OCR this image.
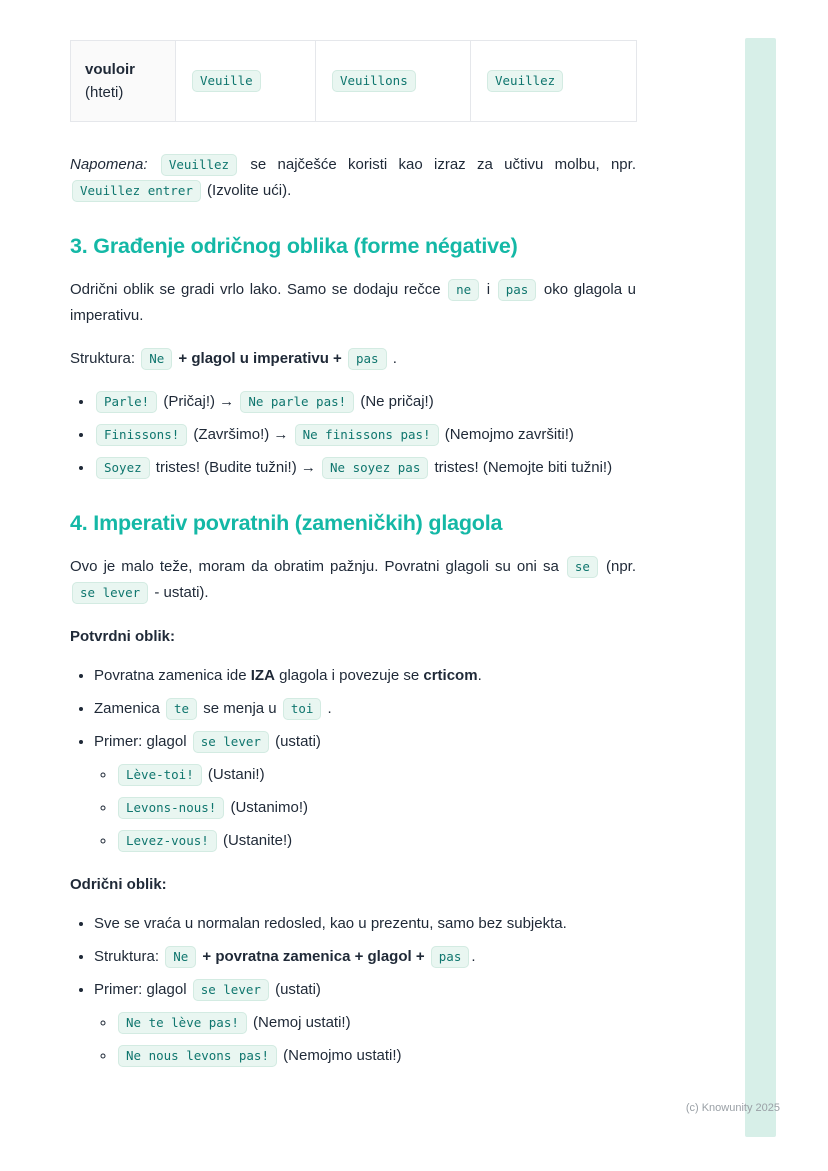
vouloir
(hteti)
	Veuille	Veuillons	Veuillez

Napomena: Veuillez se najčešće koristi kao izraz za učtivu molbu, npr. Veuillez entrer (Izvolite ući).

3. Građenje odričnog oblika (forme négative)

Odrični oblik se gradi vrlo lako. Samo se dodaju rečce ne i pas oko glagola u imperativu.

Struktura: Ne + glagol u imperativu + pas .

• Parle! (Pričaj!) → Ne parle pas! (Ne pričaj!)
• Finissons! (Završimo!) → Ne finissons pas! (Nemojmo završiti!)
• Soyez tristes! (Budite tužni!) → Ne soyez pas tristes! (Nemojte biti tužni!)
4. Imperativ povratnih (zameničkih) glagola

Ovo je malo teže, moram da obratim pažnju. Povratni glagoli su oni sa se (npr. se lever - ustati).

Potvrdni oblik:

• Povratna zamenica ide IZA glagola i povezuje se crticom.
• Zamenica te se menja u toi .
• Primer: glagol se lever (ustati)
◦ Lève-toi! (Ustani!)
◦ Levons-nous! (Ustanimo!)
◦ Levez-vous! (Ustanite!)

Odrični oblik:

• Sve se vraća u normalan redosled, kao u prezentu, samo bez subjekta.
• Struktura: Ne + povratna zamenica + glagol + pas .
• Primer: glagol se lever (ustati)
◦ Ne te lève pas! (Nemoj ustati!)
◦ Ne nous levons pas! (Nemojmo ustati!)
(c) Knowunity 2025
